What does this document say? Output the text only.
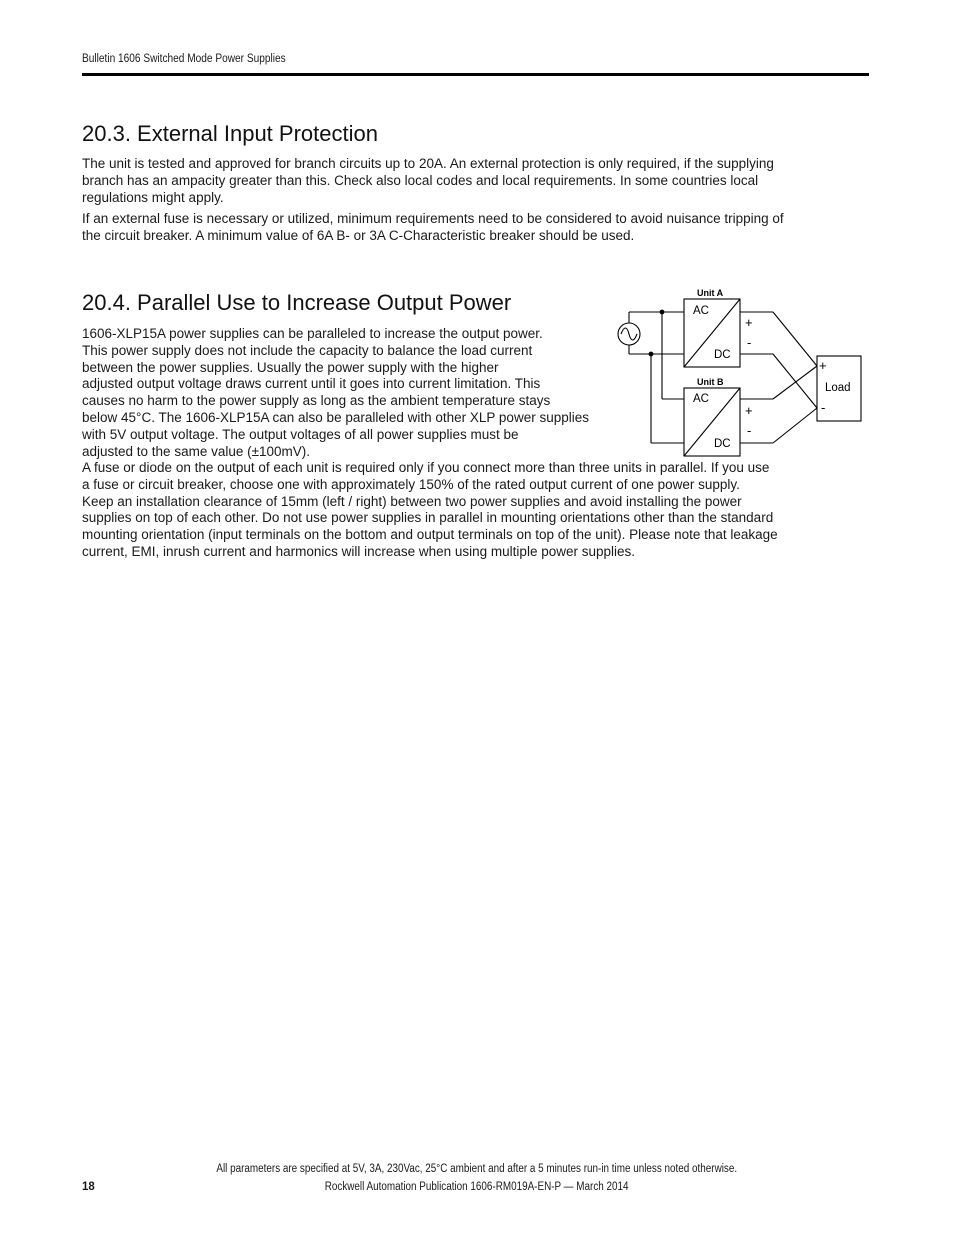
Bulletin 1606 Switched Mode Power Supplies
20.3. External Input Protection
The unit is tested and approved for branch circuits up to 20A. An external protection is only required, if the supplying
branch has an ampacity greater than this. Check also local codes and local requirements. In some countries local
regulations might apply.
If an external fuse is necessary or utilized, minimum requirements need to be considered to avoid nuisance tripping of
the circuit breaker. A minimum value of 6A B- or 3A C-Characteristic breaker should be used.
20.4. Parallel Use to Increase Output Power
1606-XLP15A power supplies can be paralleled to increase the output power.
This power supply does not include the capacity to balance the load current
between the power supplies. Usually the power supply with the higher
adjusted output voltage draws current until it goes into current limitation. This
causes no harm to the power supply as long as the ambient temperature stays
below 45°C. The 1606-XLP15A can also be paralleled with other XLP power supplies
with 5V output voltage. The output voltages of all power supplies must be
adjusted to the same value (±100mV).
A fuse or diode on the output of each unit is required only if you connect more than three units in parallel. If you use
a fuse or circuit breaker, choose one with approximately 150% of the rated output current of one power supply.
Keep an installation clearance of 15mm (left / right) between two power supplies and avoid installing the power
supplies on top of each other. Do not use power supplies in parallel in mounting orientations other than the standard
mounting orientation (input terminals on the bottom and output terminals on top of the unit). Please note that leakage
current, EMI, inrush current and harmonics will increase when using multiple power supplies.
Unit A
Unit B
AC
DC
AC
DC
+
-
+
-
+
Load
-
All parameters are specified at 5V, 3A, 230Vac, 25°C ambient and after a 5 minutes run-in time unless noted otherwise.
18	Rockwell Automation Publication 1606-RM019A-EN-P — March 2014
